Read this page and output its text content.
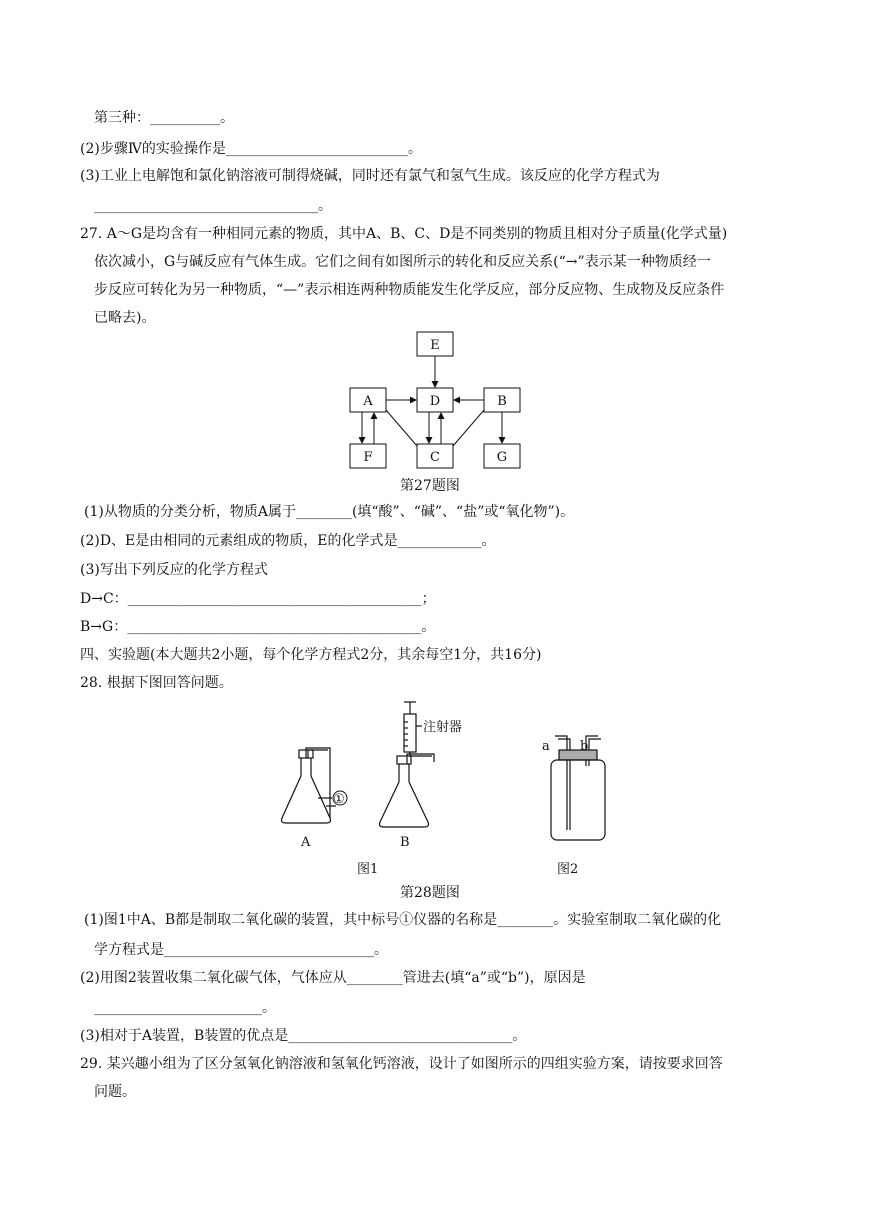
第三种：__________。
(2)步骤Ⅳ的实验操作是__________________________。
(3)工业上电解饱和氯化钠溶液可制得烧碱，同时还有氯气和氢气生成。该反应的化学方程式为
________________________________。
27. A～G是均含有一种相同元素的物质，其中A、B、C、D是不同类别的物质且相对分子质量(化学式量)
依次减小，G与碱反应有气体生成。它们之间有如图所示的转化和反应关系(“→”表示某一种物质经一
步反应可转化为另一种物质，“—”表示相连两种物质能发生化学反应，部分反应物、生成物及反应条件
已略去)。
E
A	D	B
F	C	G
第27题图
(1)从物质的分类分析，物质A属于________(填“酸”、“碱”、“盐”或“氧化物”)。
(2)D、E是由相同的元素组成的物质，E的化学式是____________。
(3)写出下列反应的化学方程式
D→C：__________________________________________；
B→G：__________________________________________。
四、实验题(本大题共2小题，每个化学方程式2分，其余每空1分，共16分)
28. 根据下图回答问题。
①
注射器
A	B
a b
图1	图2
第28题图
(1)图1中A、B都是制取二氧化碳的装置，其中标号①仪器的名称是________。实验室制取二氧化碳的化
学方程式是______________________________。
(2)用图2装置收集二氧化碳气体，气体应从________管进去(填“a”或“b”)，原因是
________________________。
(3)相对于A装置，B装置的优点是________________________________。
29. 某兴趣小组为了区分氢氧化钠溶液和氢氧化钙溶液，设计了如图所示的四组实验方案，请按要求回答
问题。
